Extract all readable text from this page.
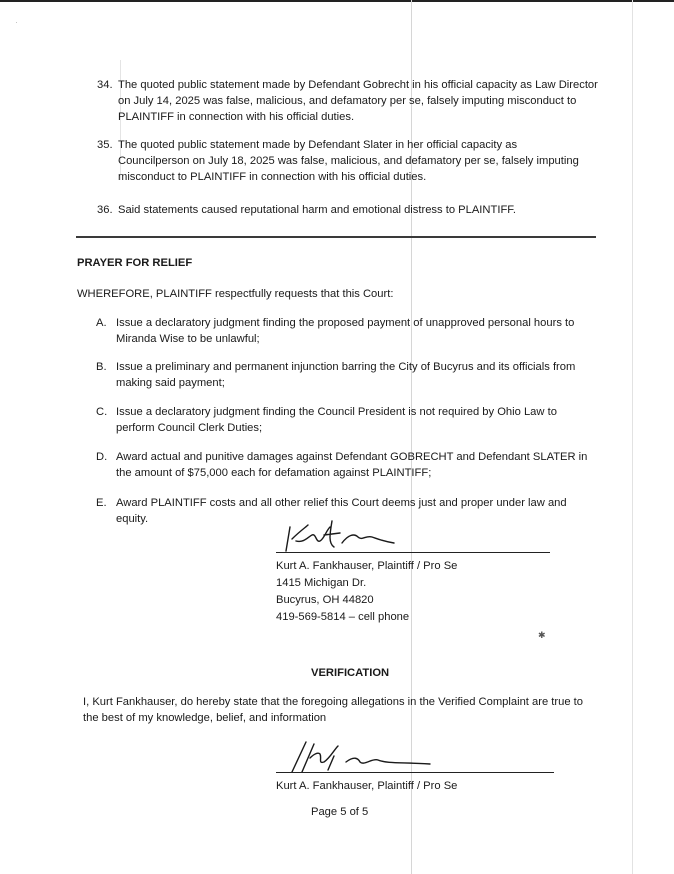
34. The quoted public statement made by Defendant Gobrecht in his official capacity as Law Director on July 14, 2025 was false, malicious, and defamatory per se, falsely imputing misconduct to PLAINTIFF in connection with his official duties.
35. The quoted public statement made by Defendant Slater in her official capacity as Councilperson on July 18, 2025 was false, malicious, and defamatory per se, falsely imputing misconduct to PLAINTIFF in connection with his official duties.
36. Said statements caused reputational harm and emotional distress to PLAINTIFF.
PRAYER FOR RELIEF
WHEREFORE, PLAINTIFF respectfully requests that this Court:
A. Issue a declaratory judgment finding the proposed payment of unapproved personal hours to Miranda Wise to be unlawful;
B. Issue a preliminary and permanent injunction barring the City of Bucyrus and its officials from making said payment;
C. Issue a declaratory judgment finding the Council President is not required by Ohio Law to perform Council Clerk Duties;
D. Award actual and punitive damages against Defendant GOBRECHT and Defendant SLATER in the amount of $75,000 each for defamation against PLAINTIFF;
E. Award PLAINTIFF costs and all other relief this Court deems just and proper under law and equity.
Kurt A. Fankhauser, Plaintiff / Pro Se
1415 Michigan Dr.
Bucyrus, OH 44820
419-569-5814 – cell phone
VERIFICATION
I, Kurt Fankhauser, do hereby state that the foregoing allegations in the Verified Complaint are true to the best of my knowledge, belief, and information
Kurt A. Fankhauser, Plaintiff / Pro Se
Page 5 of 5
✱
·
